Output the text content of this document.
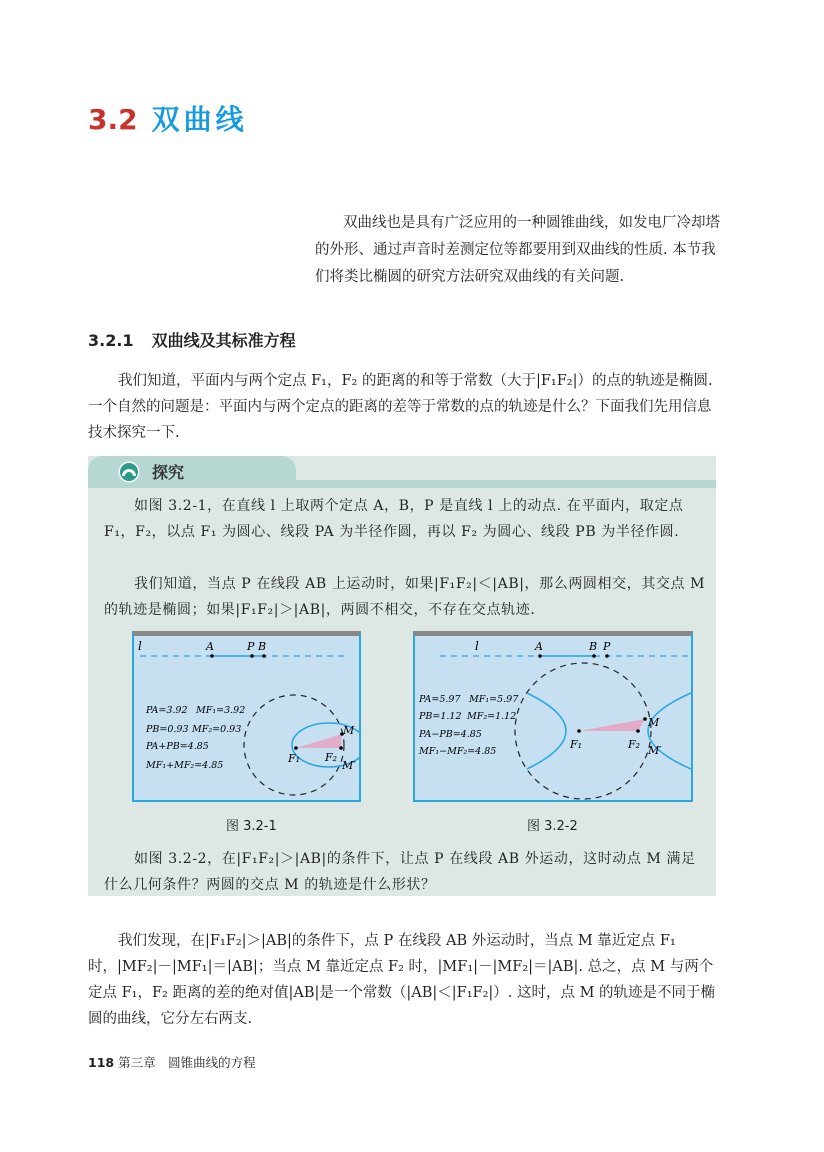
3.2 双曲线
双曲线也是具有广泛应用的一种圆锥曲线，如发电厂冷却塔的外形、通过声音时差测定位等都要用到双曲线的性质. 本节我们将类比椭圆的研究方法研究双曲线的有关问题.
3.2.1 双曲线及其标准方程
我们知道，平面内与两个定点 F₁，F₂ 的距离的和等于常数（大于|F₁F₂|）的点的轨迹是椭圆. 一个自然的问题是：平面内与两个定点的距离的差等于常数的点的轨迹是什么？下面我们先用信息技术探究一下.
探究
如图 3.2-1，在直线 l 上取两个定点 A，B，P 是直线 l 上的动点. 在平面内，取定点 F₁，F₂，以点 F₁ 为圆心、线段 PA 为半径作圆，再以 F₂ 为圆心、线段 PB 为半径作圆.
我们知道，当点 P 在线段 AB 上运动时，如果|F₁F₂|＜|AB|，那么两圆相交，其交点 M 的轨迹是椭圆；如果|F₁F₂|＞|AB|，两圆不相交，不存在交点轨迹.
l	A	P B
F₁ F₂
M
M′
PA=3.92 MF₁=3.92
PB=0.93 MF₂=0.93
PA+PB=4.85
MF₁+MF₂=4.85
l	A	B P
F₁	F₂
M
M′
PA=5.97 MF₁=5.97
PB=1.12 MF₂=1.12
PA−PB=4.85
MF₁−MF₂=4.85
图 3.2-1	图 3.2-2
如图 3.2-2，在|F₁F₂|＞|AB|的条件下，让点 P 在线段 AB 外运动，这时动点 M 满足什么几何条件？两圆的交点 M 的轨迹是什么形状？
我们发现，在|F₁F₂|＞|AB|的条件下，点 P 在线段 AB 外运动时，当点 M 靠近定点 F₁ 时，|MF₂|－|MF₁|＝|AB|；当点 M 靠近定点 F₂ 时，|MF₁|－|MF₂|＝|AB|. 总之，点 M 与两个定点 F₁，F₂ 距离的差的绝对值|AB|是一个常数（|AB|＜|F₁F₂|）. 这时，点 M 的轨迹是不同于椭圆的曲线，它分左右两支.
118 第三章　圆锥曲线的方程
